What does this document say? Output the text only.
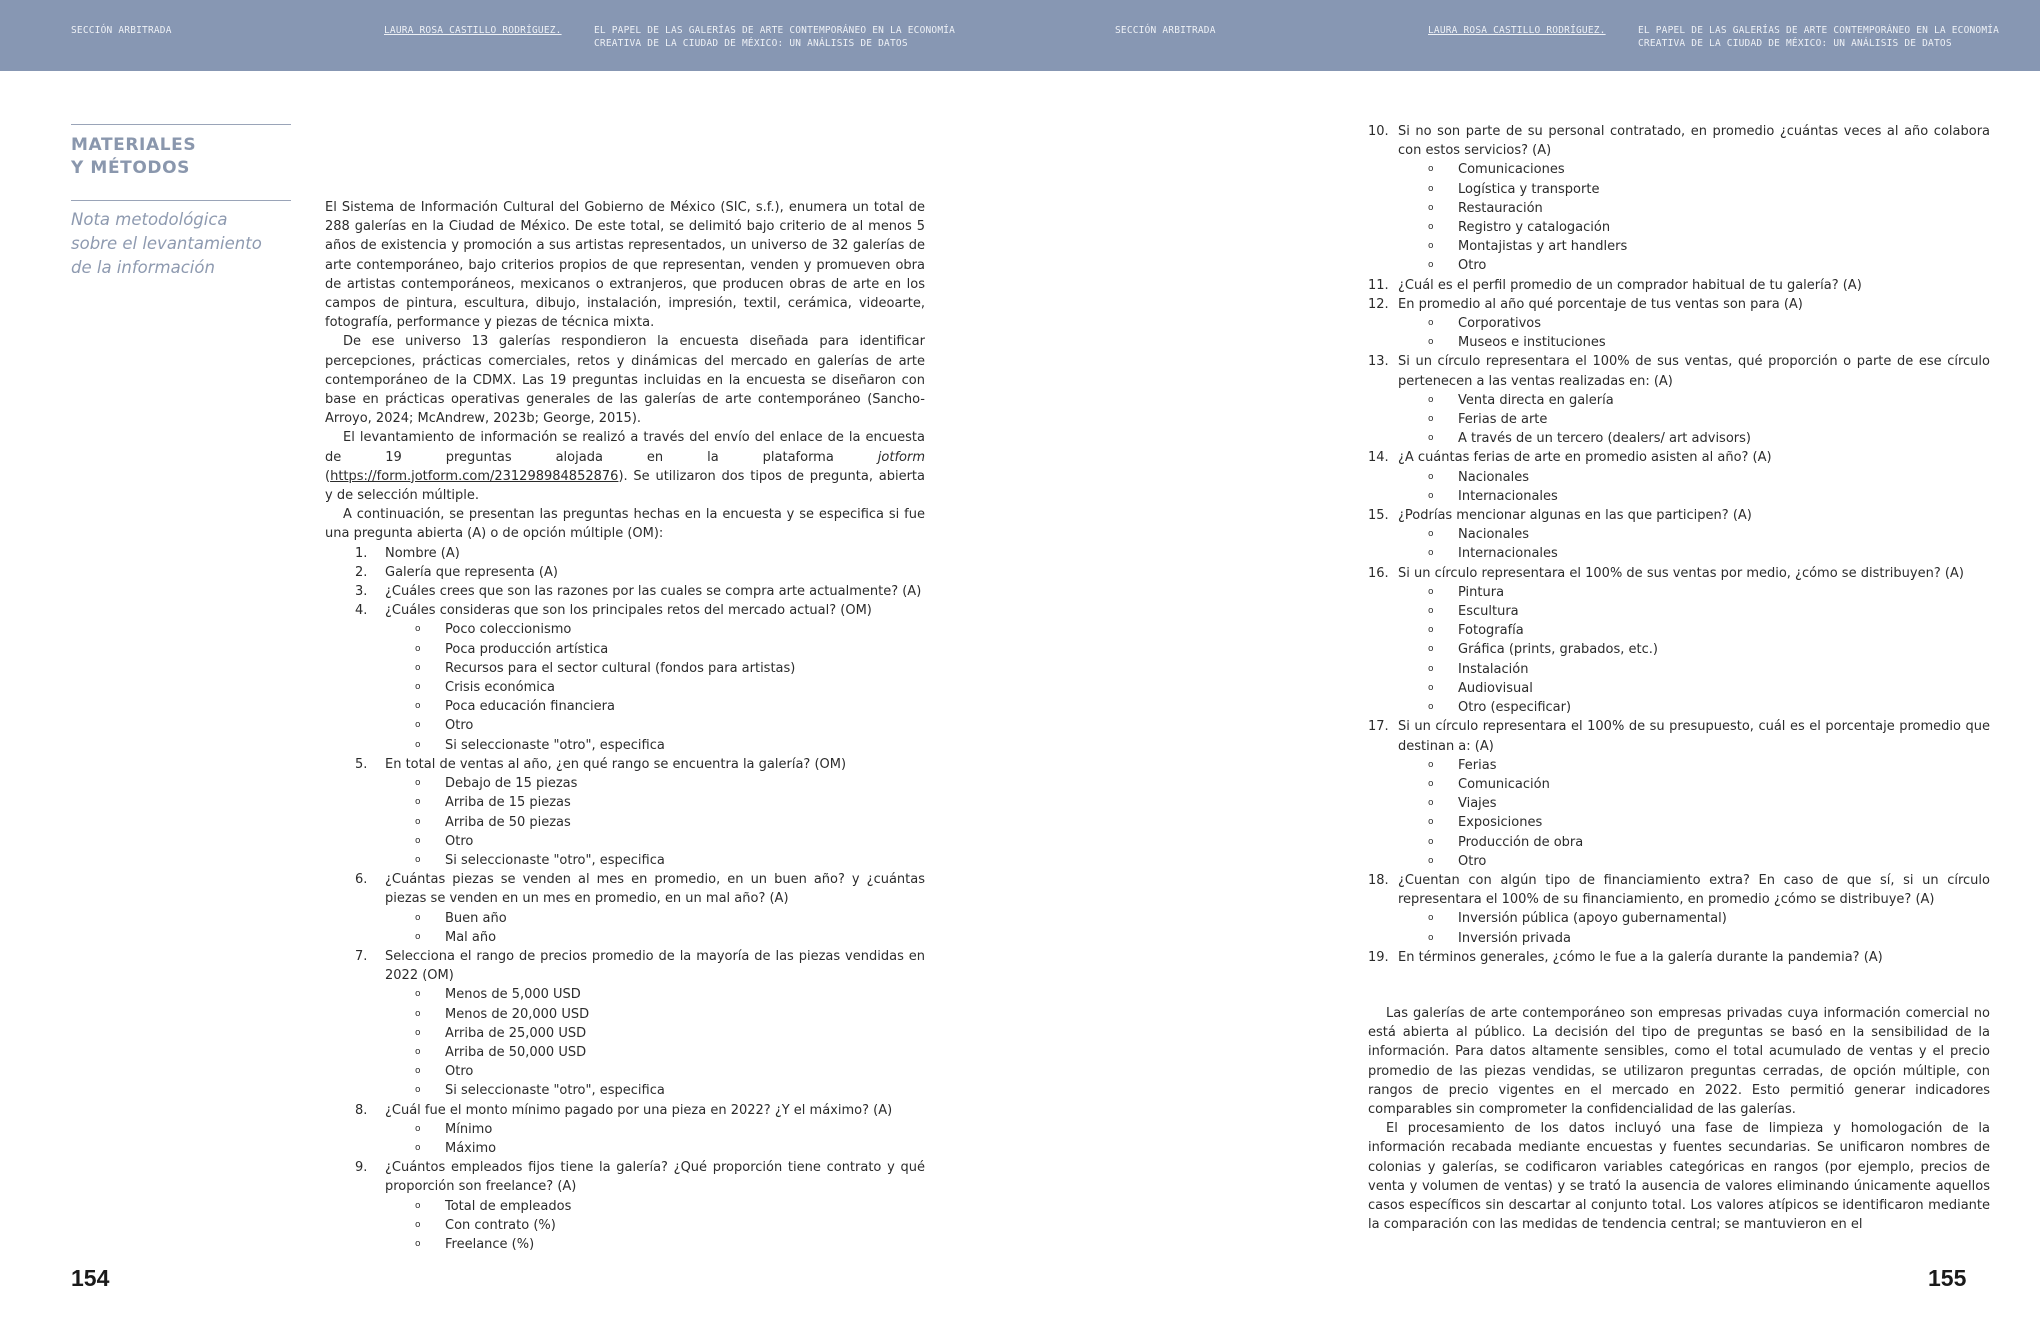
SECCIÓN ARBITRADA	LAURA ROSA CASTILLO RODRÍGUEZ.	EL PAPEL DE LAS GALERÍAS DE ARTE CONTEMPORÁNEO EN LA ECONOMÍA
CREATIVA DE LA CIUDAD DE MÉXICO: UN ANÁLISIS DE DATOS
SECCIÓN ARBITRADA	LAURA ROSA CASTILLO RODRÍGUEZ.	EL PAPEL DE LAS GALERÍAS DE ARTE CONTEMPORÁNEO EN LA ECONOMÍA
CREATIVA DE LA CIUDAD DE MÉXICO: UN ANÁLISIS DE DATOS
MATERIALES
Y MÉTODOS
Nota metodológica
sobre el levantamiento
de la información

El Sistema de Información Cultural del Gobierno de México (SIC, s.f.), enumera un total de 288 galerías en la Ciudad de México. De este total, se delimitó bajo criterio de al menos 5 años de existencia y promoción a sus artistas representados, un universo de 32 galerías de arte contemporáneo, bajo criterios propios de que representan, venden y promueven obra de artistas contemporáneos, mexicanos o extranjeros, que producen obras de arte en los campos de pintura, escultura, dibujo, instalación, impresión, textil, cerámica, videoarte, fotografía, performance y piezas de técnica mixta.

De ese universo 13 galerías respondieron la encuesta diseñada para identificar percepciones, prácticas comerciales, retos y dinámicas del mercado en galerías de arte contemporáneo de la CDMX. Las 19 preguntas incluidas en la encuesta se diseñaron con base en prácticas operativas generales de las galerías de arte contemporáneo (Sancho-Arroyo, 2024; McAndrew, 2023b; George, 2015).

El levantamiento de información se realizó a través del envío del enlace de la encuesta de 19 preguntas alojada en la plataforma jotform (https://form.jotform.com/231298984852876). Se utilizaron dos tipos de pregunta, abierta y de selección múltiple.

A continuación, se presentan las preguntas hechas en la encuesta y se especifica si fue una pregunta abierta (A) o de opción múltiple (OM):

1.	Nombre (A)
2.	Galería que representa (A)
3.	¿Cuáles crees que son las razones por las cuales se compra arte actualmente? (A)
4.	¿Cuáles consideras que son los principales retos del mercado actual? (OM)
o	Poco coleccionismo
o	Poca producción artística
o	Recursos para el sector cultural (fondos para artistas)
o	Crisis económica
o	Poca educación financiera
o	Otro
o	Si seleccionaste "otro", especifica
5.	En total de ventas al año, ¿en qué rango se encuentra la galería? (OM)
o	Debajo de 15 piezas
o	Arriba de 15 piezas
o	Arriba de 50 piezas
o	Otro
o	Si seleccionaste "otro", especifica
6.	¿Cuántas piezas se venden al mes en promedio, en un buen año? y ¿cuántas piezas se venden en un mes en promedio, en un mal año? (A)
o	Buen año
o	Mal año
7.	Selecciona el rango de precios promedio de la mayoría de las piezas vendidas en 2022 (OM)
o	Menos de 5,000 USD
o	Menos de 20,000 USD
o	Arriba de 25,000 USD
o	Arriba de 50,000 USD
o	Otro
o	Si seleccionaste "otro", especifica
8.	¿Cuál fue el monto mínimo pagado por una pieza en 2022? ¿Y el máximo? (A)
o	Mínimo
o	Máximo
9.	¿Cuántos empleados fijos tiene la galería? ¿Qué proporción tiene contrato y qué proporción son freelance? (A)
o	Total de empleados
o	Con contrato (%)
o	Freelance (%)
154
10. Si no son parte de su personal contratado, en promedio ¿cuántas veces al año colabora con estos servicios? (A)
o	Comunicaciones
o	Logística y transporte
o	Restauración
o	Registro y catalogación
o	Montajistas y art handlers
o	Otro
11. ¿Cuál es el perfil promedio de un comprador habitual de tu galería? (A)
12. En promedio al año qué porcentaje de tus ventas son para (A)
o	Corporativos
o	Museos e instituciones
13. Si un círculo representara el 100% de sus ventas, qué proporción o parte de ese círculo pertenecen a las ventas realizadas en: (A)
o	Venta directa en galería
o	Ferias de arte
o	A través de un tercero (dealers/ art advisors)
14. ¿A cuántas ferias de arte en promedio asisten al año? (A)
o	Nacionales
o	Internacionales
15. ¿Podrías mencionar algunas en las que participen? (A)
o	Nacionales
o	Internacionales
16. Si un círculo representara el 100% de sus ventas por medio, ¿cómo se distribuyen? (A)
o	Pintura
o	Escultura
o	Fotografía
o	Gráfica (prints, grabados, etc.)
o	Instalación
o	Audiovisual
o	Otro (especificar)
17. Si un círculo representara el 100% de su presupuesto, cuál es el porcentaje promedio que destinan a: (A)
o	Ferias
o	Comunicación
o	Viajes
o	Exposiciones
o	Producción de obra
o	Otro
18. ¿Cuentan con algún tipo de financiamiento extra? En caso de que sí, si un círculo representara el 100% de su financiamiento, en promedio ¿cómo se distribuye? (A)
o	Inversión pública (apoyo gubernamental)
o	Inversión privada
19. En términos generales, ¿cómo le fue a la galería durante la pandemia? (A)

Las galerías de arte contemporáneo son empresas privadas cuya información comercial no está abierta al público. La decisión del tipo de preguntas se basó en la sensibilidad de la información. Para datos altamente sensibles, como el total acumulado de ventas y el precio promedio de las piezas vendidas, se utilizaron preguntas cerradas, de opción múltiple, con rangos de precio vigentes en el mercado en 2022. Esto permitió generar indicadores comparables sin comprometer la confidencialidad de las galerías.

El procesamiento de los datos incluyó una fase de limpieza y homologación de la información recabada mediante encuestas y fuentes secundarias. Se unificaron nombres de colonias y galerías, se codificaron variables categóricas en rangos (por ejemplo, precios de venta y volumen de ventas) y se trató la ausencia de valores eliminando únicamente aquellos casos específicos sin descartar al conjunto total. Los valores atípicos se identificaron mediante la comparación con las medidas de tendencia central; se mantuvieron en el

155
